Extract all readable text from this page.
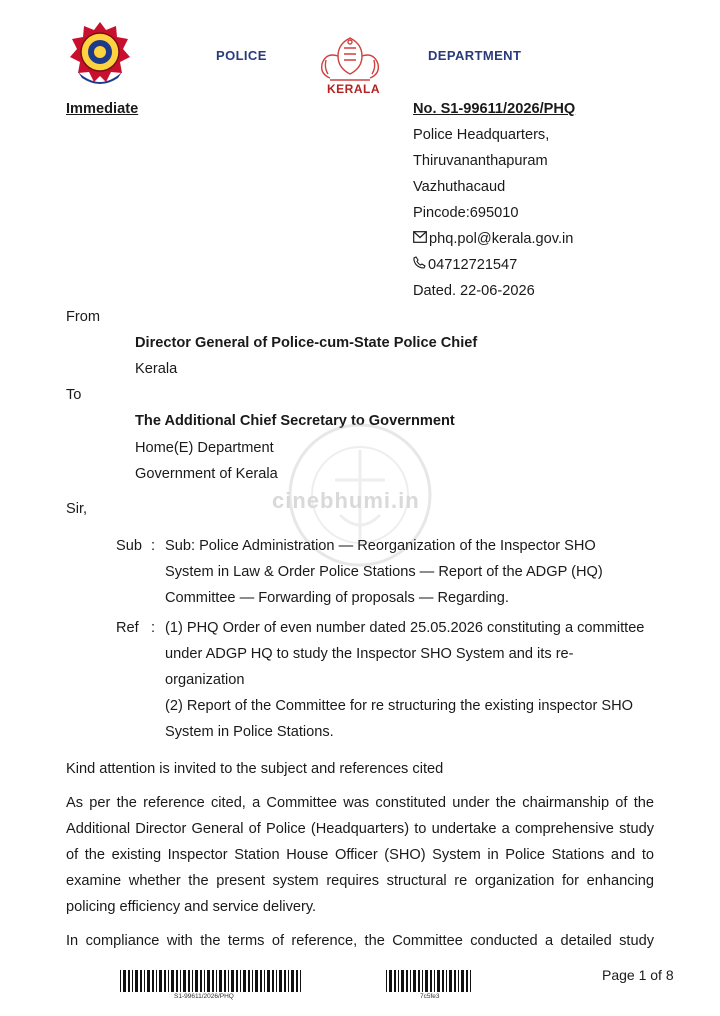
POLICE
KERALA
DEPARTMENT
Immediate	No. S1-99611/2026/PHQ
Police Headquarters,
Thiruvananthapuram
Vazhuthacaud
Pincode:695010
phq.pol@kerala.gov.in
04712721547
Dated. 22-06-2026
From
Director General of Police-cum-State Police Chief
Kerala
To
The Additional Chief Secretary to Government
Home(E) Department
Government of Kerala
cinebhumi.in
Sir,
Sub : Sub: Police Administration — Reorganization of the Inspector SHO
System in Law & Order Police Stations — Report of the ADGP (HQ)
Committee — Forwarding of proposals — Regarding.
Ref : (1) PHQ Order of even number dated 25.05.2026 constituting a committee
under ADGP HQ to study the Inspector SHO System and its re-
organization
(2) Report of the Committee for re structuring the existing inspector SHO
System in Police Stations.
Kind attention is invited to the subject and references cited
As per the reference cited, a Committee was constituted under the chairmanship of the Additional Director General of Police (Headquarters) to undertake a comprehensive study of the existing Inspector Station House Officer (SHO) System in Police Stations and to examine whether the present system requires structural re organization for enhancing policing efficiency and service delivery.
In compliance with the terms of reference, the Committee conducted a detailed study
S1-99611/2026/PHQ	7c5fe3
Page 1 of 8
